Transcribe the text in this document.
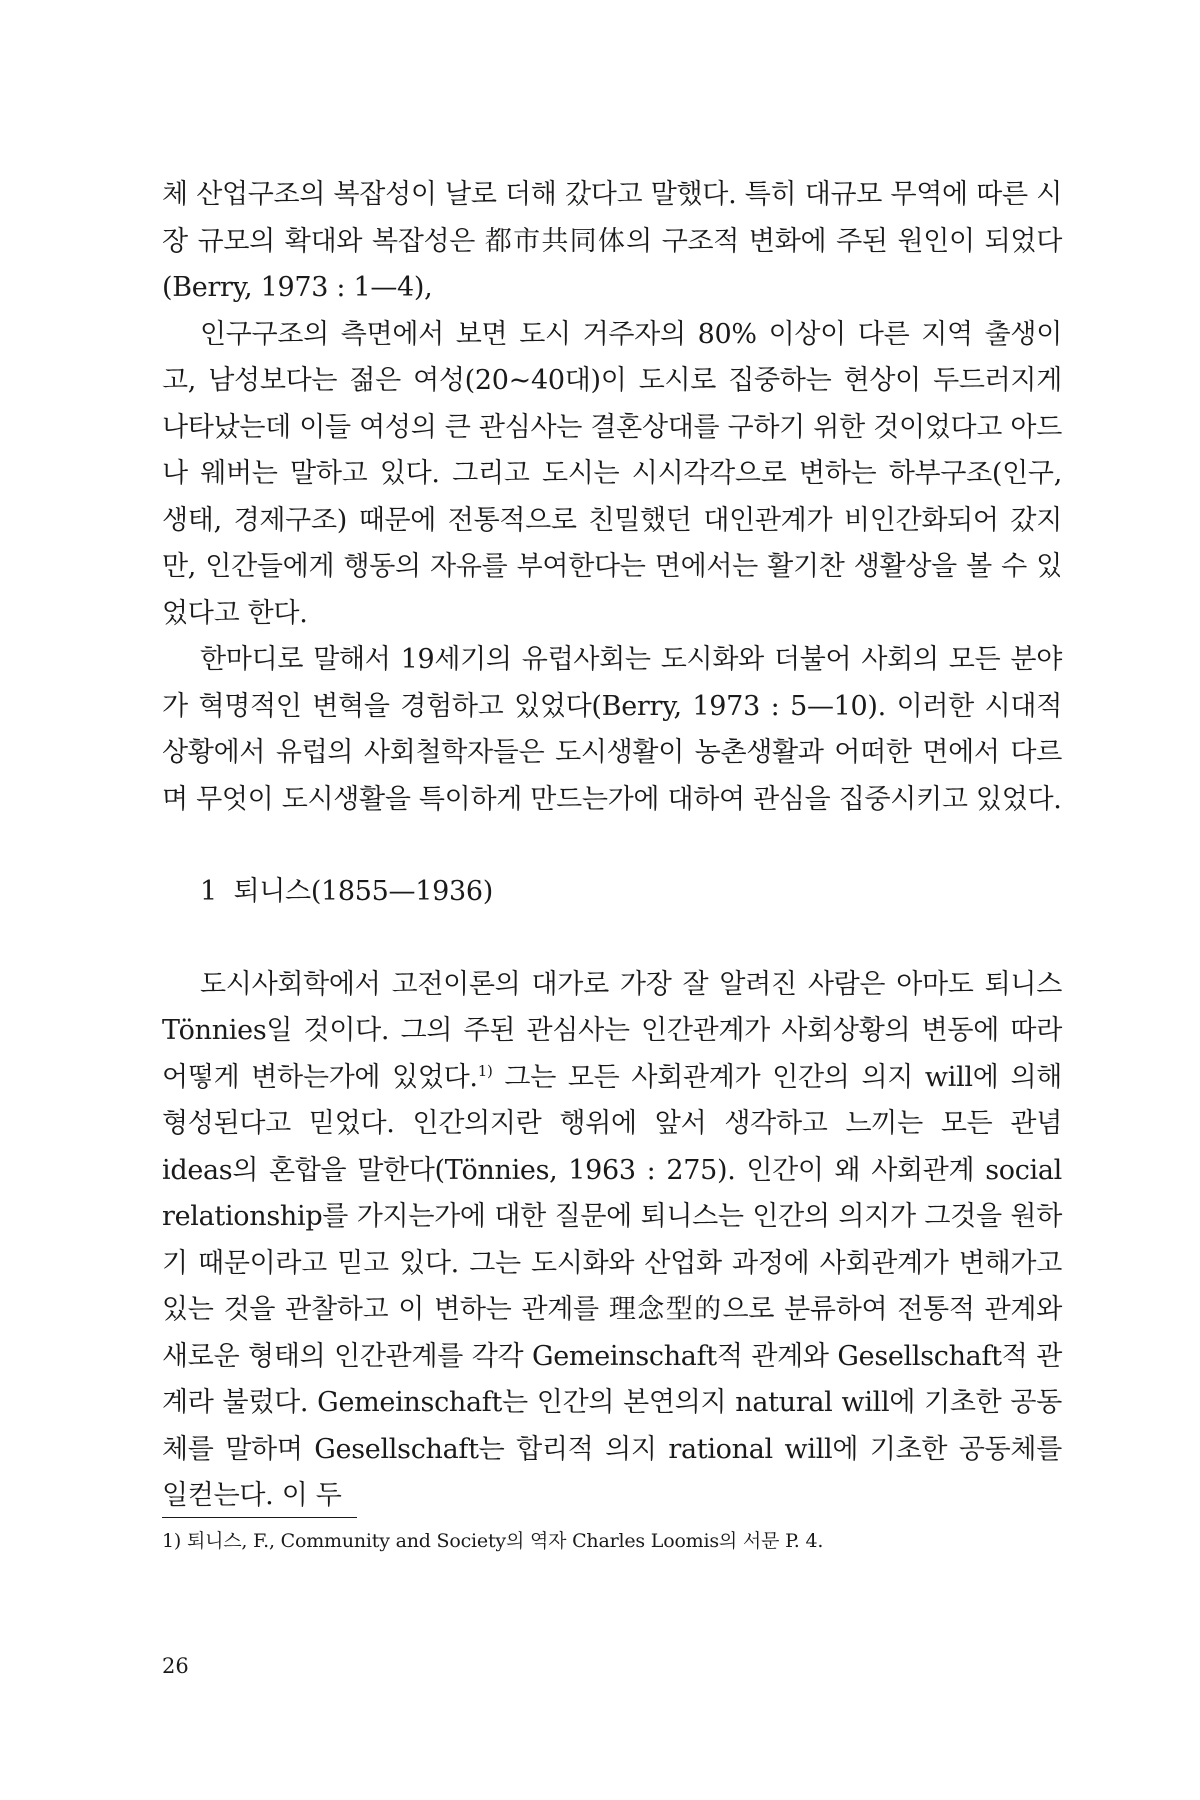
체 산업구조의 복잡성이 날로 더해 갔다고 말했다. 특히 대규모 무역에 따른 시장 규모의 확대와 복잡성은 都市共同体의 구조적 변화에 주된 원인이 되었다(Berry, 1973 : 1—4),

인구구조의 측면에서 보면 도시 거주자의 80% 이상이 다른 지역 출생이고, 남성보다는 젊은 여성(20~40대)이 도시로 집중하는 현상이 두드러지게 나타났는데 이들 여성의 큰 관심사는 결혼상대를 구하기 위한 것이었다고 아드나 웨버는 말하고 있다. 그리고 도시는 시시각각으로 변하는 하부구조(인구, 생태, 경제구조) 때문에 전통적으로 친밀했던 대인관계가 비인간화되어 갔지만, 인간들에게 행동의 자유를 부여한다는 면에서는 활기찬 생활상을 볼 수 있었다고 한다.

한마디로 말해서 19세기의 유럽사회는 도시화와 더불어 사회의 모든 분야가 혁명적인 변혁을 경험하고 있었다(Berry, 1973 : 5—10). 이러한 시대적 상황에서 유럽의 사회철학자들은 도시생활이 농촌생활과 어떠한 면에서 다르며 무엇이 도시생활을 특이하게 만드는가에 대하여 관심을 집중시키고 있었다.

1 퇴니스(1855—1936)

도시사회학에서 고전이론의 대가로 가장 잘 알려진 사람은 아마도 퇴니스 Tönnies일 것이다. 그의 주된 관심사는 인간관계가 사회상황의 변동에 따라 어떻게 변하는가에 있었다.$^{1)}$ 그는 모든 사회관계가 인간의 의지 will에 의해 형성된다고 믿었다. 인간의지란 행위에 앞서 생각하고 느끼는 모든 관념 ideas의 혼합을 말한다(Tönnies, 1963 : 275). 인간이 왜 사회관계 social relationship를 가지는가에 대한 질문에 퇴니스는 인간의 의지가 그것을 원하기 때문이라고 믿고 있다. 그는 도시화와 산업화 과정에 사회관계가 변해가고 있는 것을 관찰하고 이 변하는 관계를 理念型的으로 분류하여 전통적 관계와 새로운 형태의 인간관계를 각각 Gemeinschaft적 관계와 Gesellschaft적 관계라 불렀다. Gemeinschaft는 인간의 본연의지 natural will에 기초한 공동체를 말하며 Gesellschaft는 합리적 의지 rational will에 기초한 공동체를 일컫는다. 이 두

1) 퇴니스, F., Community and Society의 역자 Charles Loomis의 서문 P. 4.
26
